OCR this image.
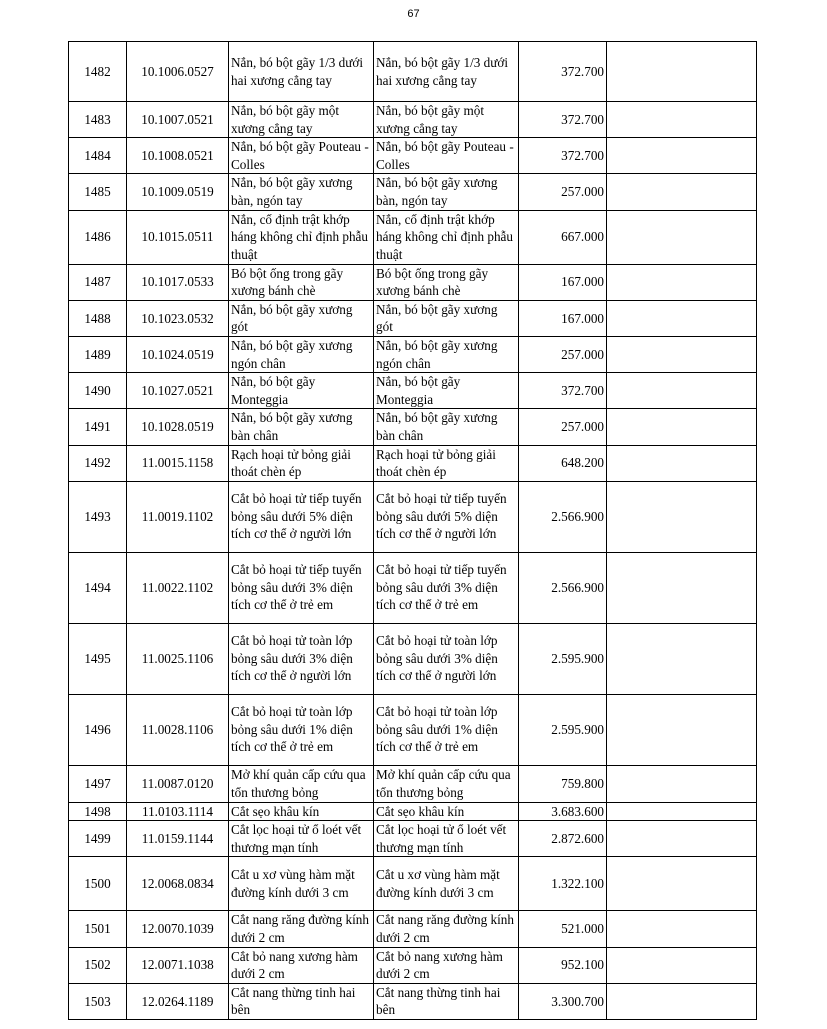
67
1482	10.1006.0527	Nắn, bó bột gãy 1/3 dưới hai xương cẳng tay	Nắn, bó bột gãy 1/3 dưới hai xương cẳng tay	372.700	
1483	10.1007.0521	Nắn, bó bột gãy một xương cẳng tay	Nắn, bó bột gãy một xương cẳng tay	372.700	
1484	10.1008.0521	Nắn, bó bột gãy Pouteau - Colles	Nắn, bó bột gãy Pouteau - Colles	372.700	
1485	10.1009.0519	Nắn, bó bột gãy xương bàn, ngón tay	Nắn, bó bột gãy xương bàn, ngón tay	257.000	
1486	10.1015.0511	Nắn, cố định trật khớp háng không chỉ định phẫu thuật	Nắn, cố định trật khớp háng không chỉ định phẫu thuật	667.000	
1487	10.1017.0533	Bó bột ống trong gãy xương bánh chè	Bó bột ống trong gãy xương bánh chè	167.000	
1488	10.1023.0532	Nắn, bó bột gãy xương gót	Nắn, bó bột gãy xương gót	167.000	
1489	10.1024.0519	Nắn, bó bột gãy xương ngón chân	Nắn, bó bột gãy xương ngón chân	257.000	
1490	10.1027.0521	Nắn, bó bột gãy Monteggia	Nắn, bó bột gãy Monteggia	372.700	
1491	10.1028.0519	Nắn, bó bột gãy xương bàn chân	Nắn, bó bột gãy xương bàn chân	257.000	
1492	11.0015.1158	Rạch hoại tử bỏng giải thoát chèn ép	Rạch hoại tử bỏng giải thoát chèn ép	648.200	
1493	11.0019.1102	Cắt bỏ hoại tử tiếp tuyến bỏng sâu dưới 5% diện tích cơ thể ở người lớn	Cắt bỏ hoại tử tiếp tuyến bỏng sâu dưới 5% diện tích cơ thể ở người lớn	2.566.900	
1494	11.0022.1102	Cắt bỏ hoại tử tiếp tuyến bỏng sâu dưới 3% diện tích cơ thể ở trẻ em	Cắt bỏ hoại tử tiếp tuyến bỏng sâu dưới 3% diện tích cơ thể ở trẻ em	2.566.900	
1495	11.0025.1106	Cắt bỏ hoại tử toàn lớp bỏng sâu dưới 3% diện tích cơ thể ở người lớn	Cắt bỏ hoại tử toàn lớp bỏng sâu dưới 3% diện tích cơ thể ở người lớn	2.595.900	
1496	11.0028.1106	Cắt bỏ hoại tử toàn lớp bỏng sâu dưới 1% diện tích cơ thể ở trẻ em	Cắt bỏ hoại tử toàn lớp bỏng sâu dưới 1% diện tích cơ thể ở trẻ em	2.595.900	
1497	11.0087.0120	Mở khí quản cấp cứu qua tổn thương bỏng	Mở khí quản cấp cứu qua tổn thương bỏng	759.800	
1498	11.0103.1114	Cắt sẹo khâu kín	Cắt sẹo khâu kín	3.683.600	
1499	11.0159.1144	Cắt lọc hoại tử ổ loét vết thương mạn tính	Cắt lọc hoại tử ổ loét vết thương mạn tính	2.872.600	
1500	12.0068.0834	Cắt u xơ vùng hàm mặt đường kính dưới 3 cm	Cắt u xơ vùng hàm mặt đường kính dưới 3 cm	1.322.100	
1501	12.0070.1039	Cắt nang răng đường kính dưới 2 cm	Cắt nang răng đường kính dưới 2 cm	521.000	
1502	12.0071.1038	Cắt bỏ nang xương hàm dưới 2 cm	Cắt bỏ nang xương hàm dưới 2 cm	952.100	
1503	12.0264.1189	Cắt nang thừng tinh hai bên	Cắt nang thừng tinh hai bên	3.300.700	
